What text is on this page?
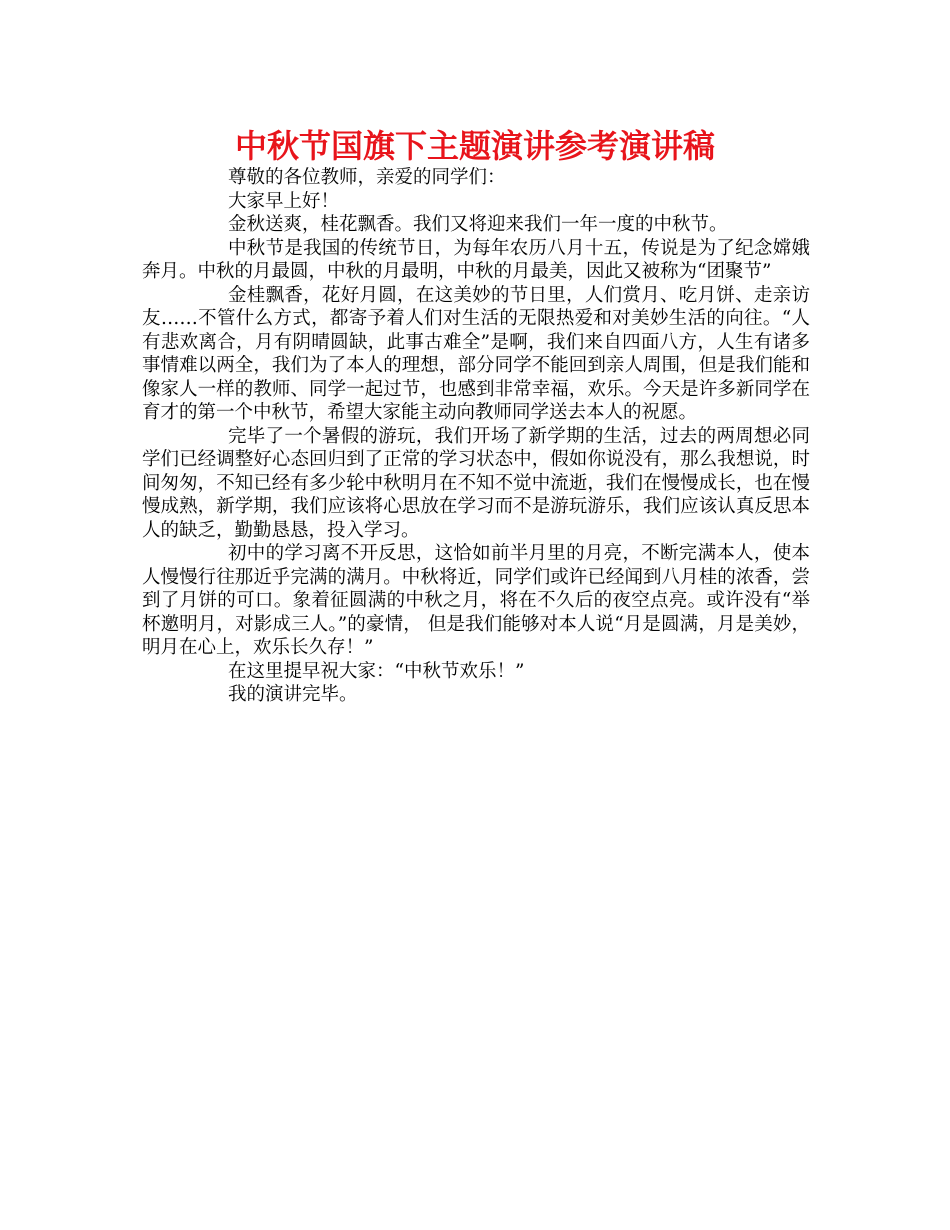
中秋节国旗下主题演讲参考演讲稿

尊敬的各位教师，亲爱的同学们：

大家早上好！

金秋送爽，桂花飘香。我们又将迎来我们一年一度的中秋节。

中秋节是我国的传统节日，为每年农历八月十五，传说是为了纪念嫦娥奔月。中秋的月最圆，中秋的月最明，中秋的月最美，因此又被称为“团聚节”

金桂飘香，花好月圆，在这美妙的节日里，人们赏月、吃月饼、走亲访友……不管什么方式，都寄予着人们对生活的无限热爱和对美妙生活的向往。“人有悲欢离合，月有阴晴圆缺，此事古难全”是啊，我们来自四面八方，人生有诸多事情难以两全，我们为了本人的理想，部分同学不能回到亲人周围，但是我们能和像家人一样的教师、同学一起过节，也感到非常幸福，欢乐。今天是许多新同学在育才的第一个中秋节，希望大家能主动向教师同学送去本人的祝愿。

完毕了一个暑假的游玩，我们开场了新学期的生活，过去的两周想必同学们已经调整好心态回归到了正常的学习状态中，假如你说没有，那么我想说，时间匆匆，不知已经有多少轮中秋明月在不知不觉中流逝，我们在慢慢成长，也在慢慢成熟，新学期，我们应该将心思放在学习而不是游玩游乐，我们应该认真反思本人的缺乏，勤勤恳恳，投入学习。

初中的学习离不开反思，这恰如前半月里的月亮，不断完满本人，使本人慢慢行往那近乎完满的满月。中秋将近，同学们或许已经闻到八月桂的浓香，尝到了月饼的可口。象着征圆满的中秋之月，将在不久后的夜空点亮。或许没有“举杯邀明月，对影成三人。”的豪情， 但是我们能够对本人说“月是圆满，月是美妙，明月在心上，欢乐长久存！”

在这里提早祝大家：“中秋节欢乐！”

我的演讲完毕。
